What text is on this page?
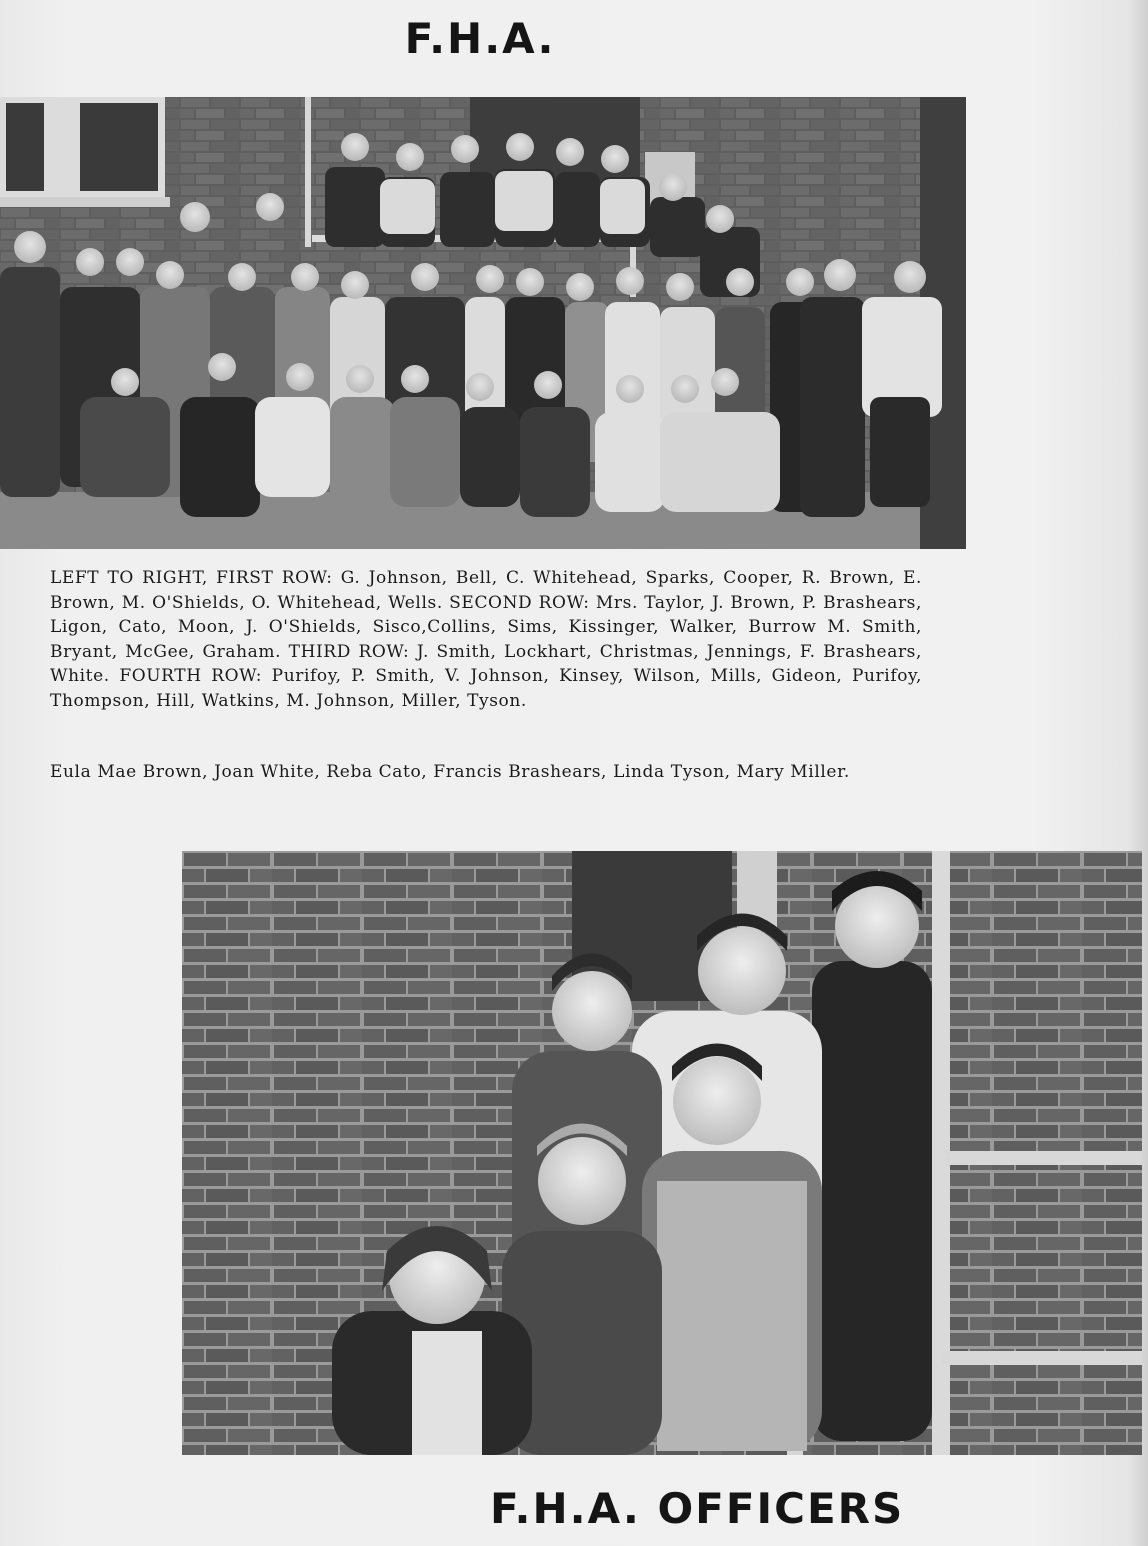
F.H.A.
LEFT TO RIGHT, FIRST ROW: G. Johnson, Bell, C. Whitehead, Sparks, Cooper, R. Brown, E. Brown, M. O'Shields, O. Whitehead, Wells. SECOND ROW: Mrs. Taylor, J. Brown, P. Brashears, Ligon, Cato, Moon, J. O'Shields, Sisco,Collins, Sims, Kissinger, Walker, Burrow M. Smith, Bryant, McGee, Graham. THIRD ROW: J. Smith, Lockhart, Christmas, Jennings, F. Brashears, White. FOURTH ROW: Purifoy, P. Smith, V. Johnson, Kinsey, Wilson, Mills, Gideon, Purifoy, Thompson, Hill, Watkins, M. Johnson, Miller, Tyson.
Eula Mae Brown, Joan White, Reba Cato, Francis Brashears, Linda Tyson, Mary Miller.
F.H.A. OFFICERS
